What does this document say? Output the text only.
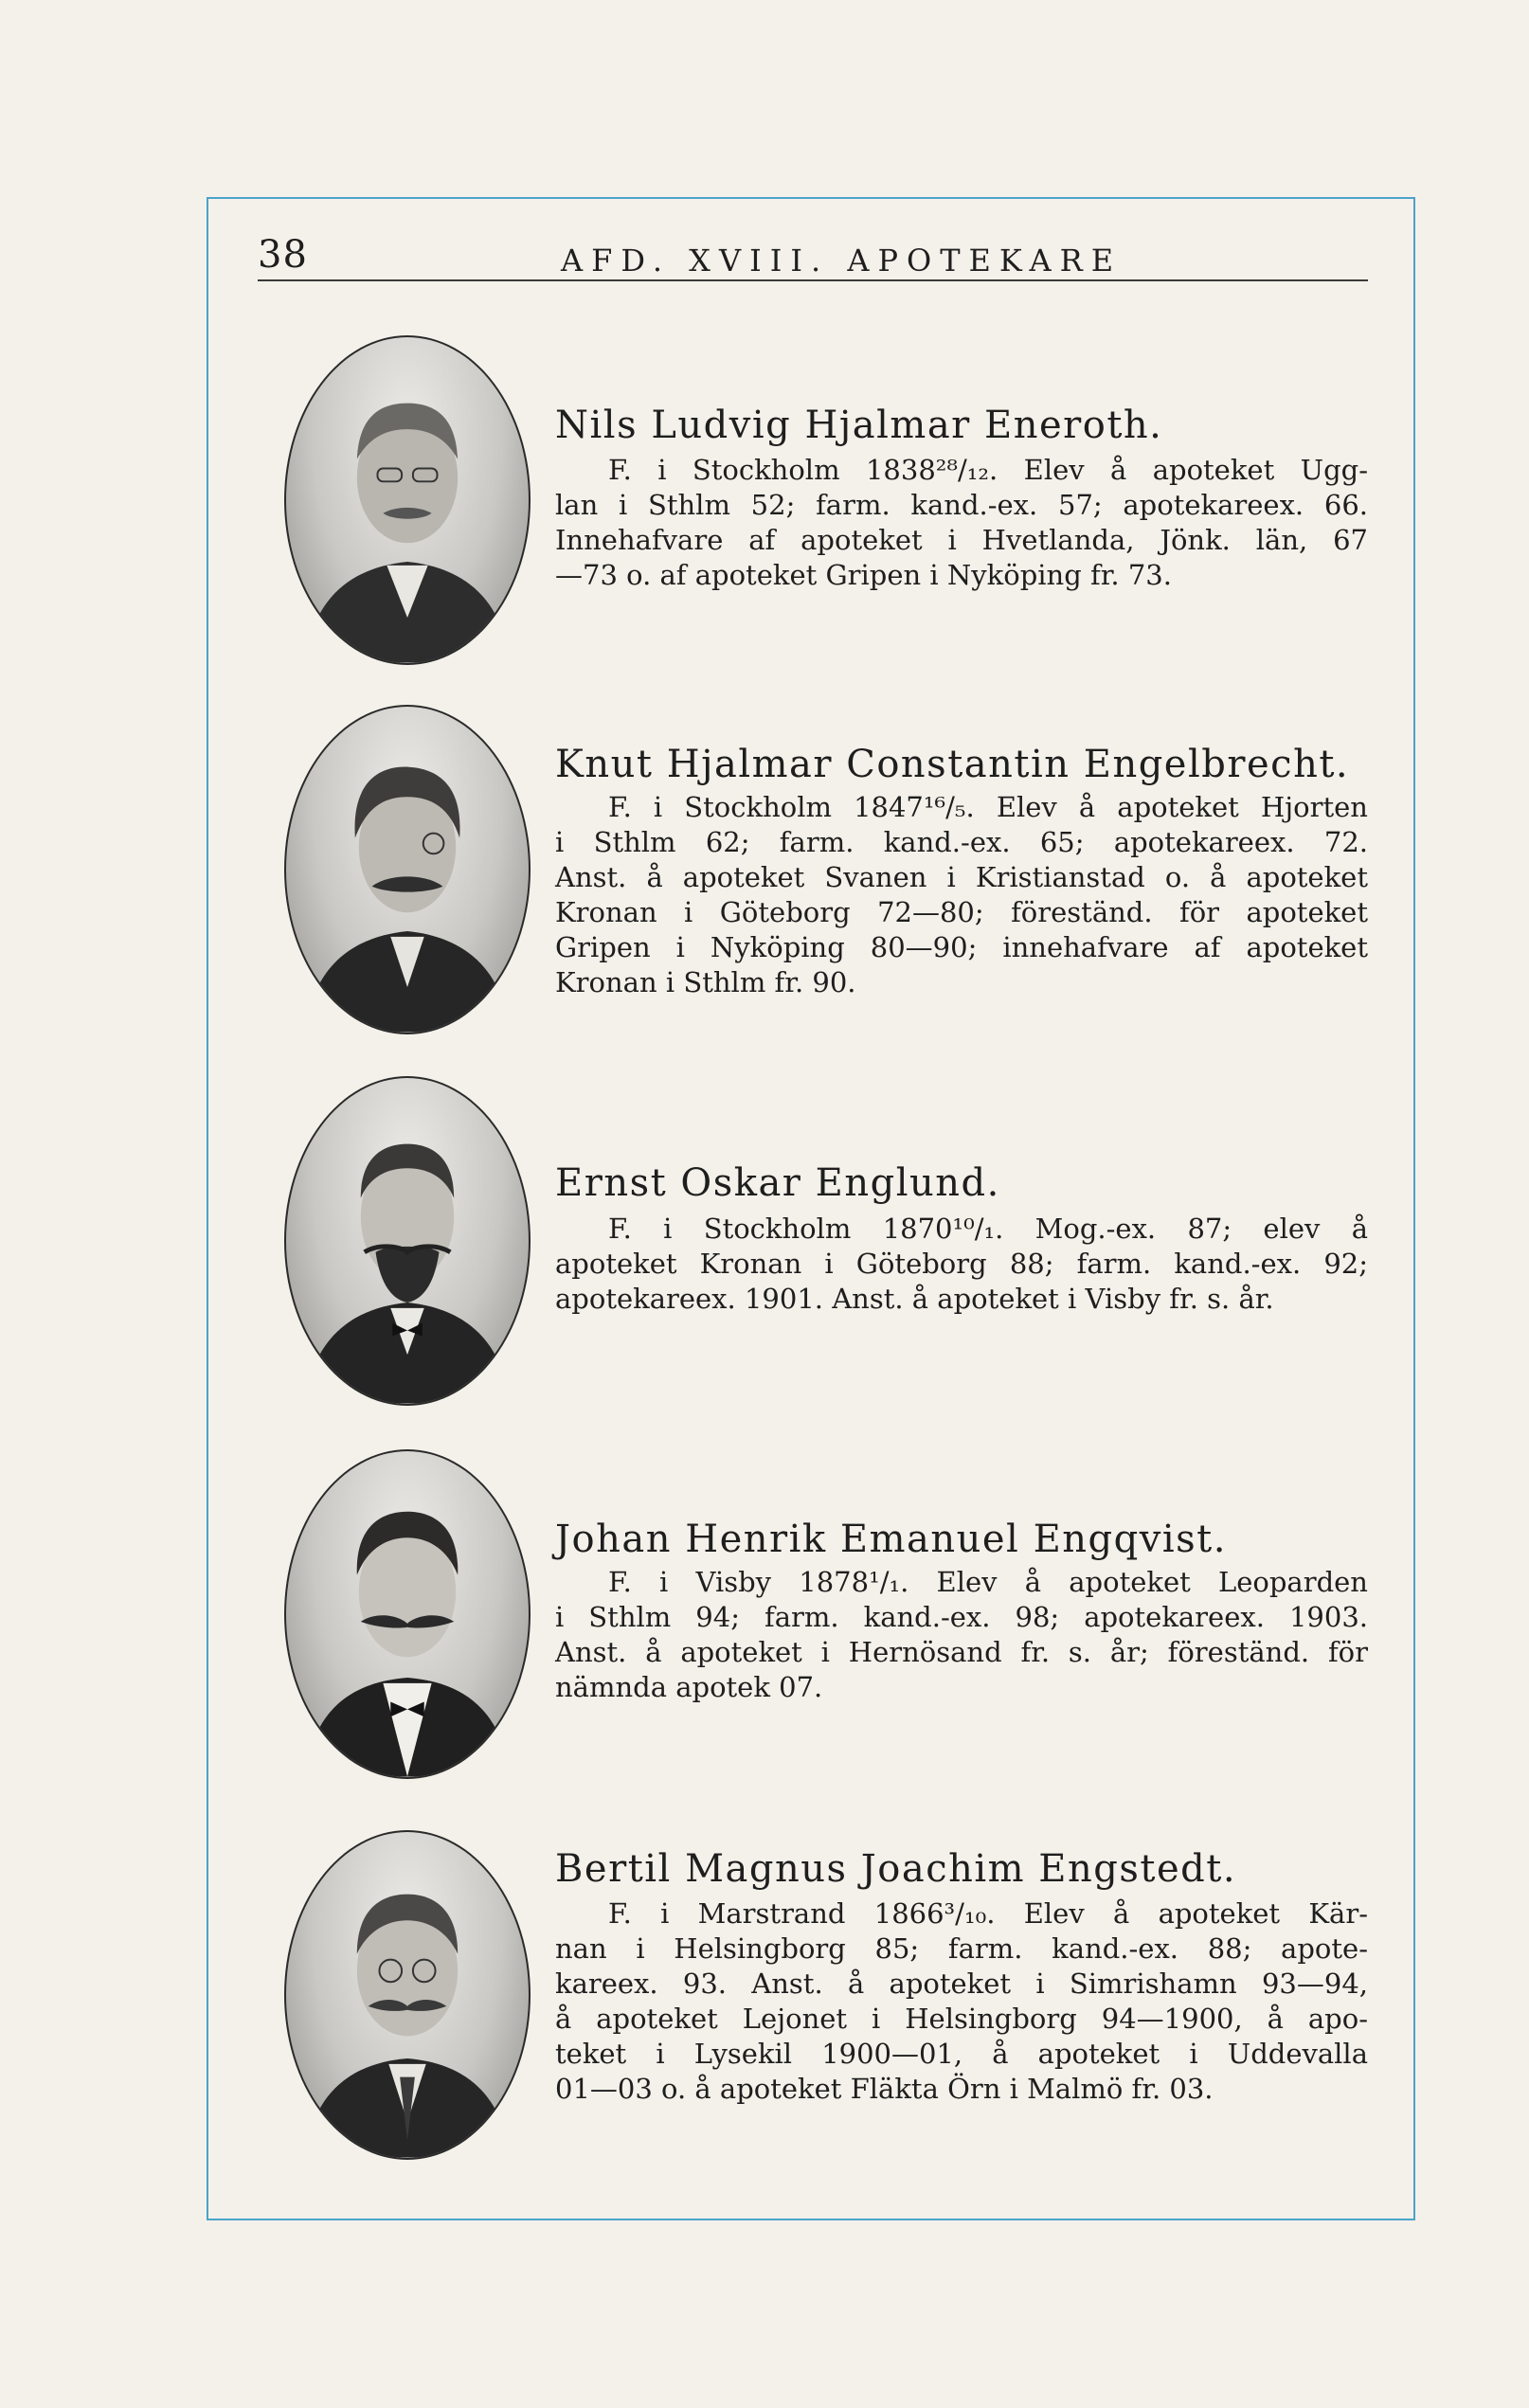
38	AFD. XVIII. APOTEKARE
Nils Ludvig Hjalmar Eneroth.
F. i Stockholm 1838²⁸/₁₂. Elev å apoteket Ugg-
lan i Sthlm 52; farm. kand.-ex. 57; apotekareex. 66.
Innehafvare af apoteket i Hvetlanda, Jönk. län, 67
—73 o. af apoteket Gripen i Nyköping fr. 73.
Knut Hjalmar Constantin Engelbrecht.
F. i Stockholm 1847¹⁶/₅. Elev å apoteket Hjorten
i Sthlm 62; farm. kand.-ex. 65; apotekareex. 72.
Anst. å apoteket Svanen i Kristianstad o. å apoteket
Kronan i Göteborg 72—80; föreständ. för apoteket
Gripen i Nyköping 80—90; innehafvare af apoteket
Kronan i Sthlm fr. 90.
Ernst Oskar Englund.
F. i Stockholm 1870¹⁰/₁. Mog.-ex. 87; elev å
apoteket Kronan i Göteborg 88; farm. kand.-ex. 92;
apotekareex. 1901. Anst. å apoteket i Visby fr. s. år.
Johan Henrik Emanuel Engqvist.
F. i Visby 1878¹/₁. Elev å apoteket Leoparden
i Sthlm 94; farm. kand.-ex. 98; apotekareex. 1903.
Anst. å apoteket i Hernösand fr. s. år; föreständ. för
nämnda apotek 07.
Bertil Magnus Joachim Engstedt.
F. i Marstrand 1866³/₁₀. Elev å apoteket Kär-
nan i Helsingborg 85; farm. kand.-ex. 88; apote-
kareex. 93. Anst. å apoteket i Simrishamn 93—94,
å apoteket Lejonet i Helsingborg 94—1900, å apo-
teket i Lysekil 1900—01, å apoteket i Uddevalla
01—03 o. å apoteket Fläkta Örn i Malmö fr. 03.
